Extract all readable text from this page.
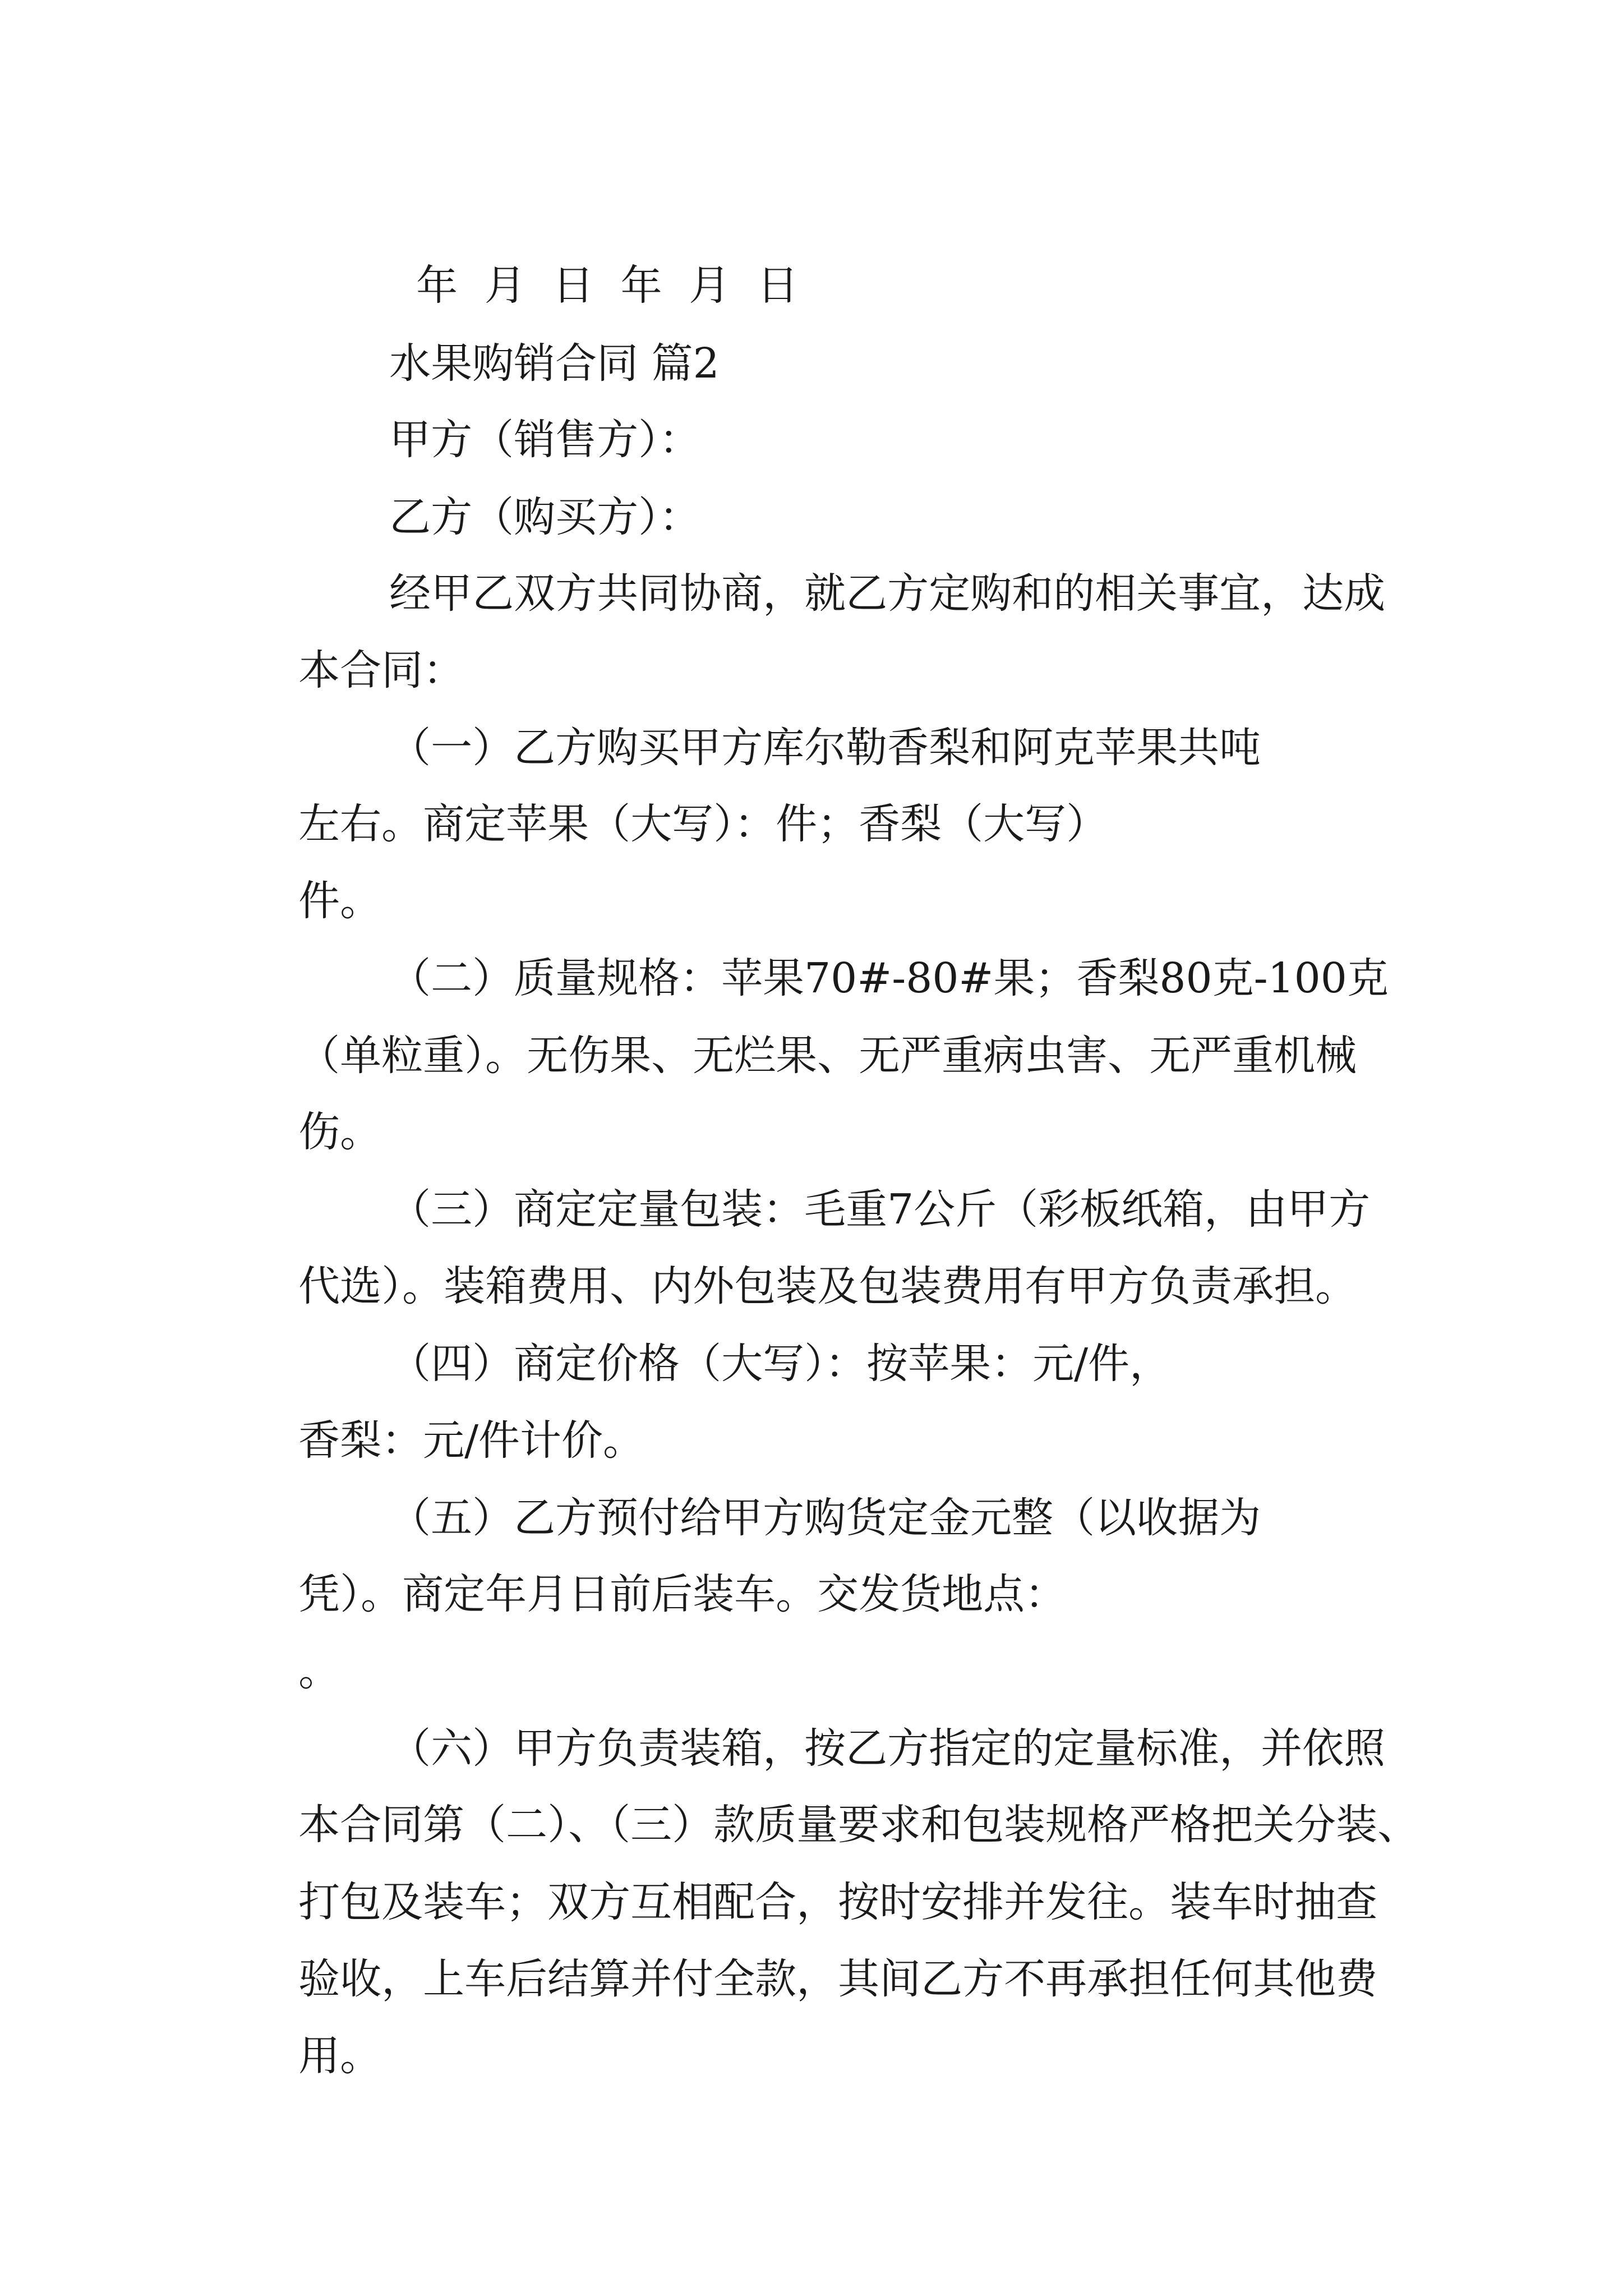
年 月 日 年 月 日

水果购销合同 篇2

甲方（销售方）：

乙方（购买方）：

经甲乙双方共同协商，就乙方定购和的相关事宜，达成

本合同：

（一）乙方购买甲方库尔勒香梨和阿克苹果共吨

左右。商定苹果（大写）：件；香梨（大写）

件。

（二）质量规格：苹果70#-80#果；香梨80克-100克

（单粒重）。无伤果、无烂果、无严重病虫害、无严重机械

伤。

（三）商定定量包装：毛重7公斤（彩板纸箱，由甲方

代选）。装箱费用、内外包装及包装费用有甲方负责承担。

（四）商定价格（大写）：按苹果：元/件，

香梨：元/件计价。

（五）乙方预付给甲方购货定金元整（以收据为

凭）。商定年月日前后装车。交发货地点：

。

（六）甲方负责装箱，按乙方指定的定量标准，并依照

本合同第（二）、（三）款质量要求和包装规格严格把关分装、

打包及装车；双方互相配合，按时安排并发往。装车时抽查

验收，上车后结算并付全款，其间乙方不再承担任何其他费

用。
